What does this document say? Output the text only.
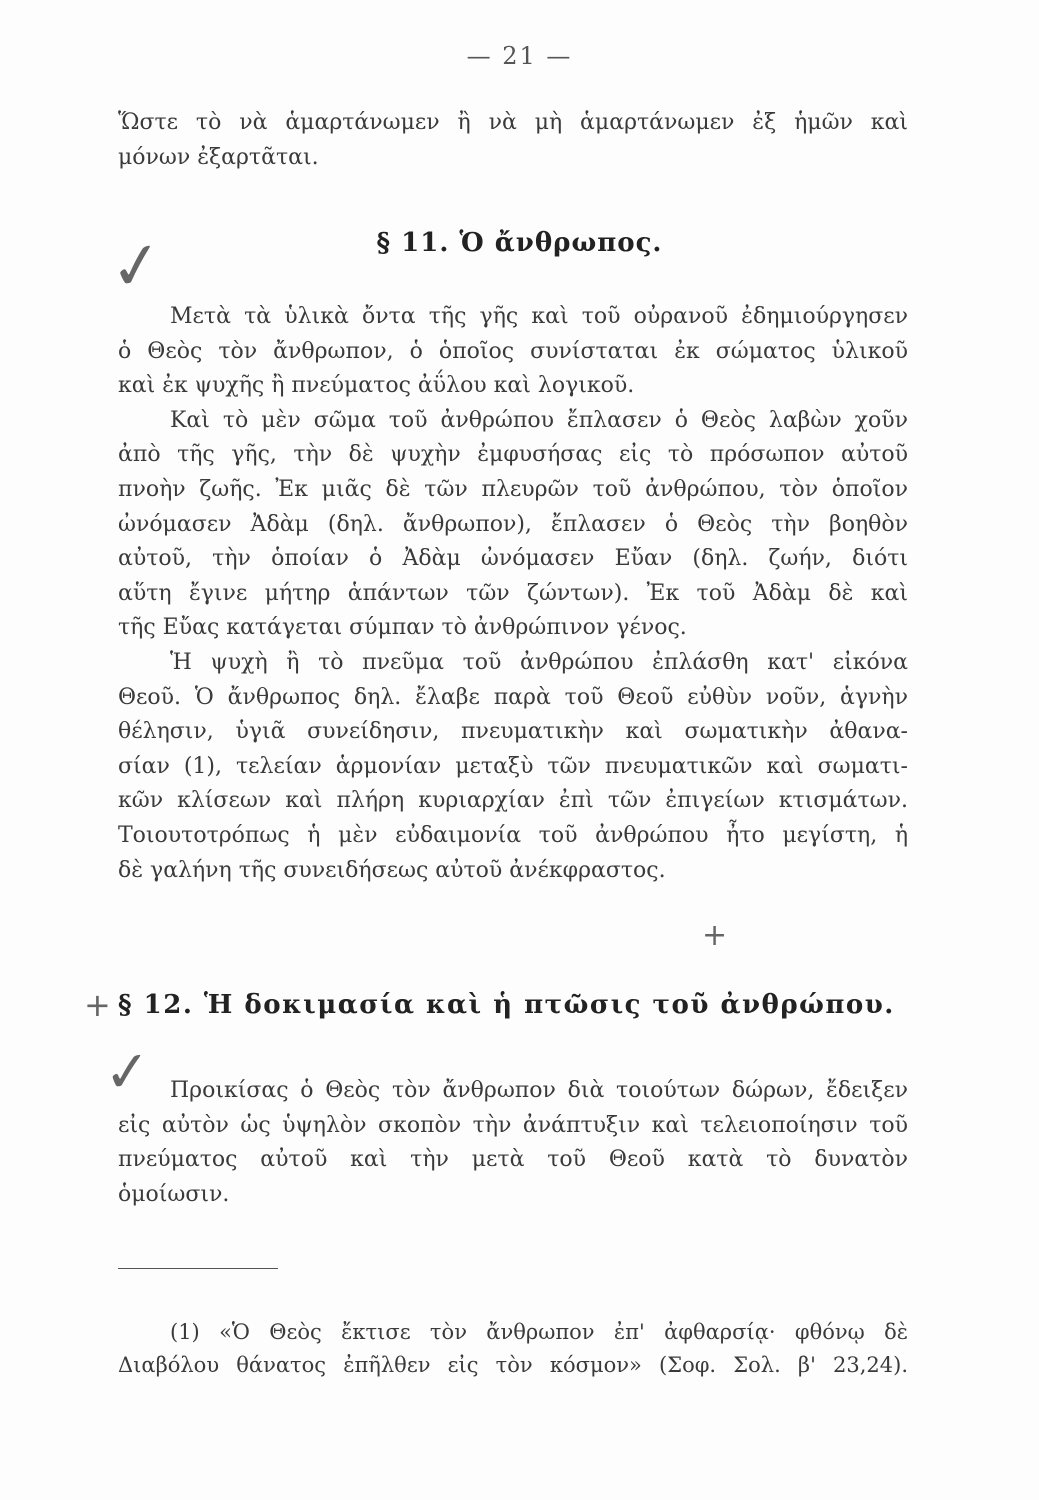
— 21 —
Ὥστε τὸ νὰ ἁμαρτάνωμεν ἢ νὰ μὴ ἁμαρτάνωμεν ἐξ ἡμῶν καὶ
μόνων ἐξαρτᾶται.
§ 11. Ὁ ἄνθρωπος.
✓
Μετὰ τὰ ὑλικὰ ὄντα τῆς γῆς καὶ τοῦ οὐρανοῦ ἐδημιούργησεν
ὁ Θεὸς τὸν ἄνθρωπον, ὁ ὁποῖος συνίσταται ἐκ σώματος ὑλικοῦ
καὶ ἐκ ψυχῆς ἢ πνεύματος ἀΰλου καὶ λογικοῦ.
Καὶ τὸ μὲν σῶμα τοῦ ἀνθρώπου ἔπλασεν ὁ Θεὸς λαβὼν χοῦν
ἀπὸ τῆς γῆς, τὴν δὲ ψυχὴν ἐμφυσήσας εἰς τὸ πρόσωπον αὐτοῦ
πνοὴν ζωῆς. Ἐκ μιᾶς δὲ τῶν πλευρῶν τοῦ ἀνθρώπου, τὸν ὁποῖον
ὠνόμασεν Ἀδὰμ (δηλ. ἄνθρωπον), ἔπλασεν ὁ Θεὸς τὴν βοηθὸν
αὐτοῦ, τὴν ὁποίαν ὁ Ἀδὰμ ὠνόμασεν Εὔαν (δηλ. ζωήν, διότι
αὕτη ἔγινε μήτηρ ἁπάντων τῶν ζώντων). Ἐκ τοῦ Ἀδὰμ δὲ καὶ
τῆς Εὔας κατάγεται σύμπαν τὸ ἀνθρώπινον γένος.
Ἡ ψυχὴ ἢ τὸ πνεῦμα τοῦ ἀνθρώπου ἐπλάσθη κατ' εἰκόνα
Θεοῦ. Ὁ ἄνθρωπος δηλ. ἔλαβε παρὰ τοῦ Θεοῦ εὐθὺν νοῦν, ἁγνὴν
θέλησιν, ὑγιᾶ συνείδησιν, πνευματικὴν καὶ σωματικὴν ἀθανα-
σίαν (1), τελείαν ἁρμονίαν μεταξὺ τῶν πνευματικῶν καὶ σωματι-
κῶν κλίσεων καὶ πλήρη κυριαρχίαν ἐπὶ τῶν ἐπιγείων κτισμάτων.
Τοιουτοτρόπως ἡ μὲν εὐδαιμονία τοῦ ἀνθρώπου ἦτο μεγίστη, ἡ
δὲ γαλήνη τῆς συνειδήσεως αὐτοῦ ἀνέκφραστος.
+
+ § 12. Ἡ δοκιμασία καὶ ἡ πτῶσις τοῦ ἀνθρώπου.
✓ Προικίσας ὁ Θεὸς τὸν ἄνθρωπον διὰ τοιούτων δώρων, ἔδειξεν
εἰς αὐτὸν ὡς ὑψηλὸν σκοπὸν τὴν ἀνάπτυξιν καὶ τελειοποίησιν τοῦ
πνεύματος αὐτοῦ καὶ τὴν μετὰ τοῦ Θεοῦ κατὰ τὸ δυνατὸν
ὁμοίωσιν.
(1) «Ὁ Θεὸς ἔκτισε τὸν ἄνθρωπον ἐπ' ἀφθαρσίᾳ· φθόνῳ δὲ
Διαβόλου θάνατος ἐπῆλθεν εἰς τὸν κόσμον» (Σοφ. Σολ. β' 23,24).
